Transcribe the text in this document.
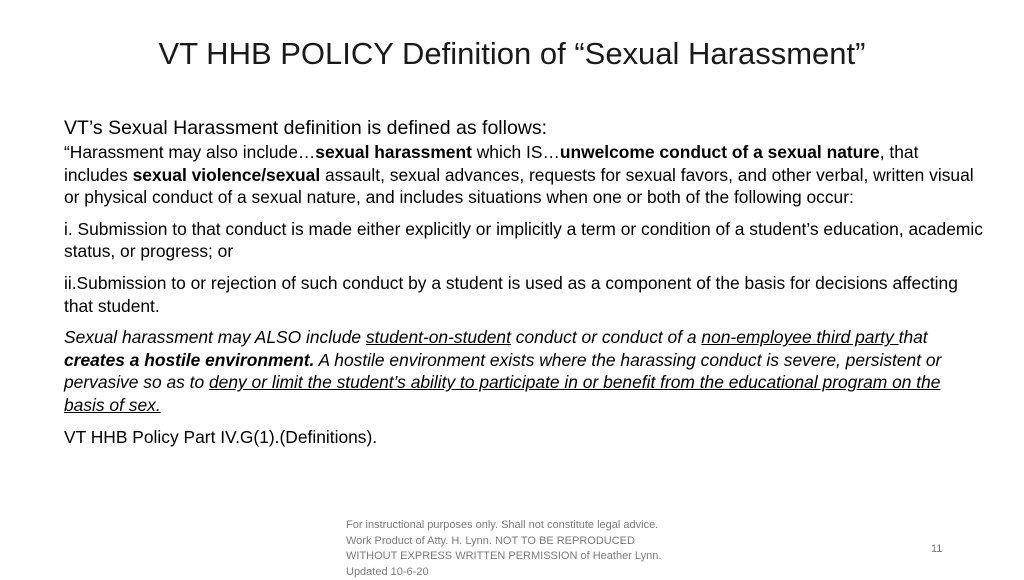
VT HHB POLICY Definition of “Sexual Harassment”

VT’s Sexual Harassment definition is defined as follows:

“Harassment may also include…sexual harassment which IS…unwelcome conduct of a sexual nature, that includes sexual violence/sexual assault, sexual advances, requests for sexual favors, and other verbal, written visual or physical conduct of a sexual nature, and includes situations when one or both of the following occur:

i. Submission to that conduct is made either explicitly or implicitly a term or condition of a student’s education, academic status, or progress; or

ii.Submission to or rejection of such conduct by a student is used as a component of the basis for decisions affecting that student.

Sexual harassment may ALSO include student-on-student conduct or conduct of a non-employee third party that creates a hostile environment. A hostile environment exists where the harassing conduct is severe, persistent or pervasive so as to deny or limit the student’s ability to participate in or benefit from the educational program on the basis of sex.

VT HHB Policy Part IV.G(1).(Definitions).

For instructional purposes only. Shall not constitute legal advice. Work Product of Atty. H. Lynn. NOT TO BE REPRODUCED WITHOUT EXPRESS WRITTEN PERMISSION of Heather Lynn. Updated 10-6-20
11
